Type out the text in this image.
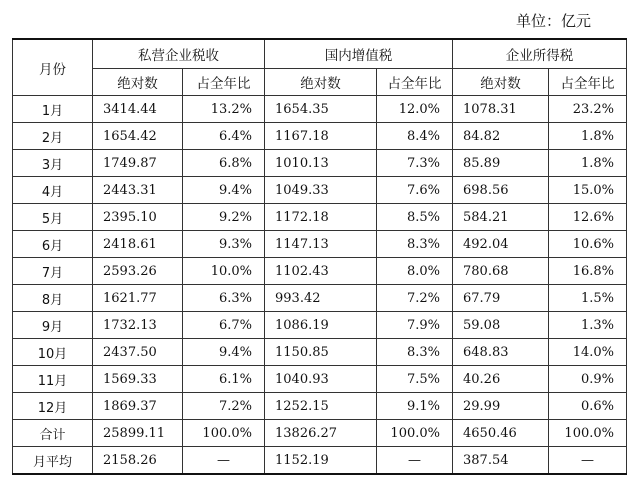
单位：亿元
月份	私营企业税收		国内增值税		企业所得税	
	绝对数	占全年比	绝对数	占全年比	绝对数	占全年比
1月	3414.44	13.2%	1654.35	12.0%	1078.31	23.2%
2月	1654.42	6.4%	1167.18	8.4%	84.82	1.8%
3月	1749.87	6.8%	1010.13	7.3%	85.89	1.8%
4月	2443.31	9.4%	1049.33	7.6%	698.56	15.0%
5月	2395.10	9.2%	1172.18	8.5%	584.21	12.6%
6月	2418.61	9.3%	1147.13	8.3%	492.04	10.6%
7月	2593.26	10.0%	1102.43	8.0%	780.68	16.8%
8月	1621.77	6.3%	993.42	7.2%	67.79	1.5%
9月	1732.13	6.7%	1086.19	7.9%	59.08	1.3%
10月	2437.50	9.4%	1150.85	8.3%	648.83	14.0%
11月	1569.33	6.1%	1040.93	7.5%	40.26	0.9%
12月	1869.37	7.2%	1252.15	9.1%	29.99	0.6%
合计	25899.11	100.0%	13826.27	100.0%	4650.46	100.0%
月平均	2158.26	—	1152.19	—	387.54	—
